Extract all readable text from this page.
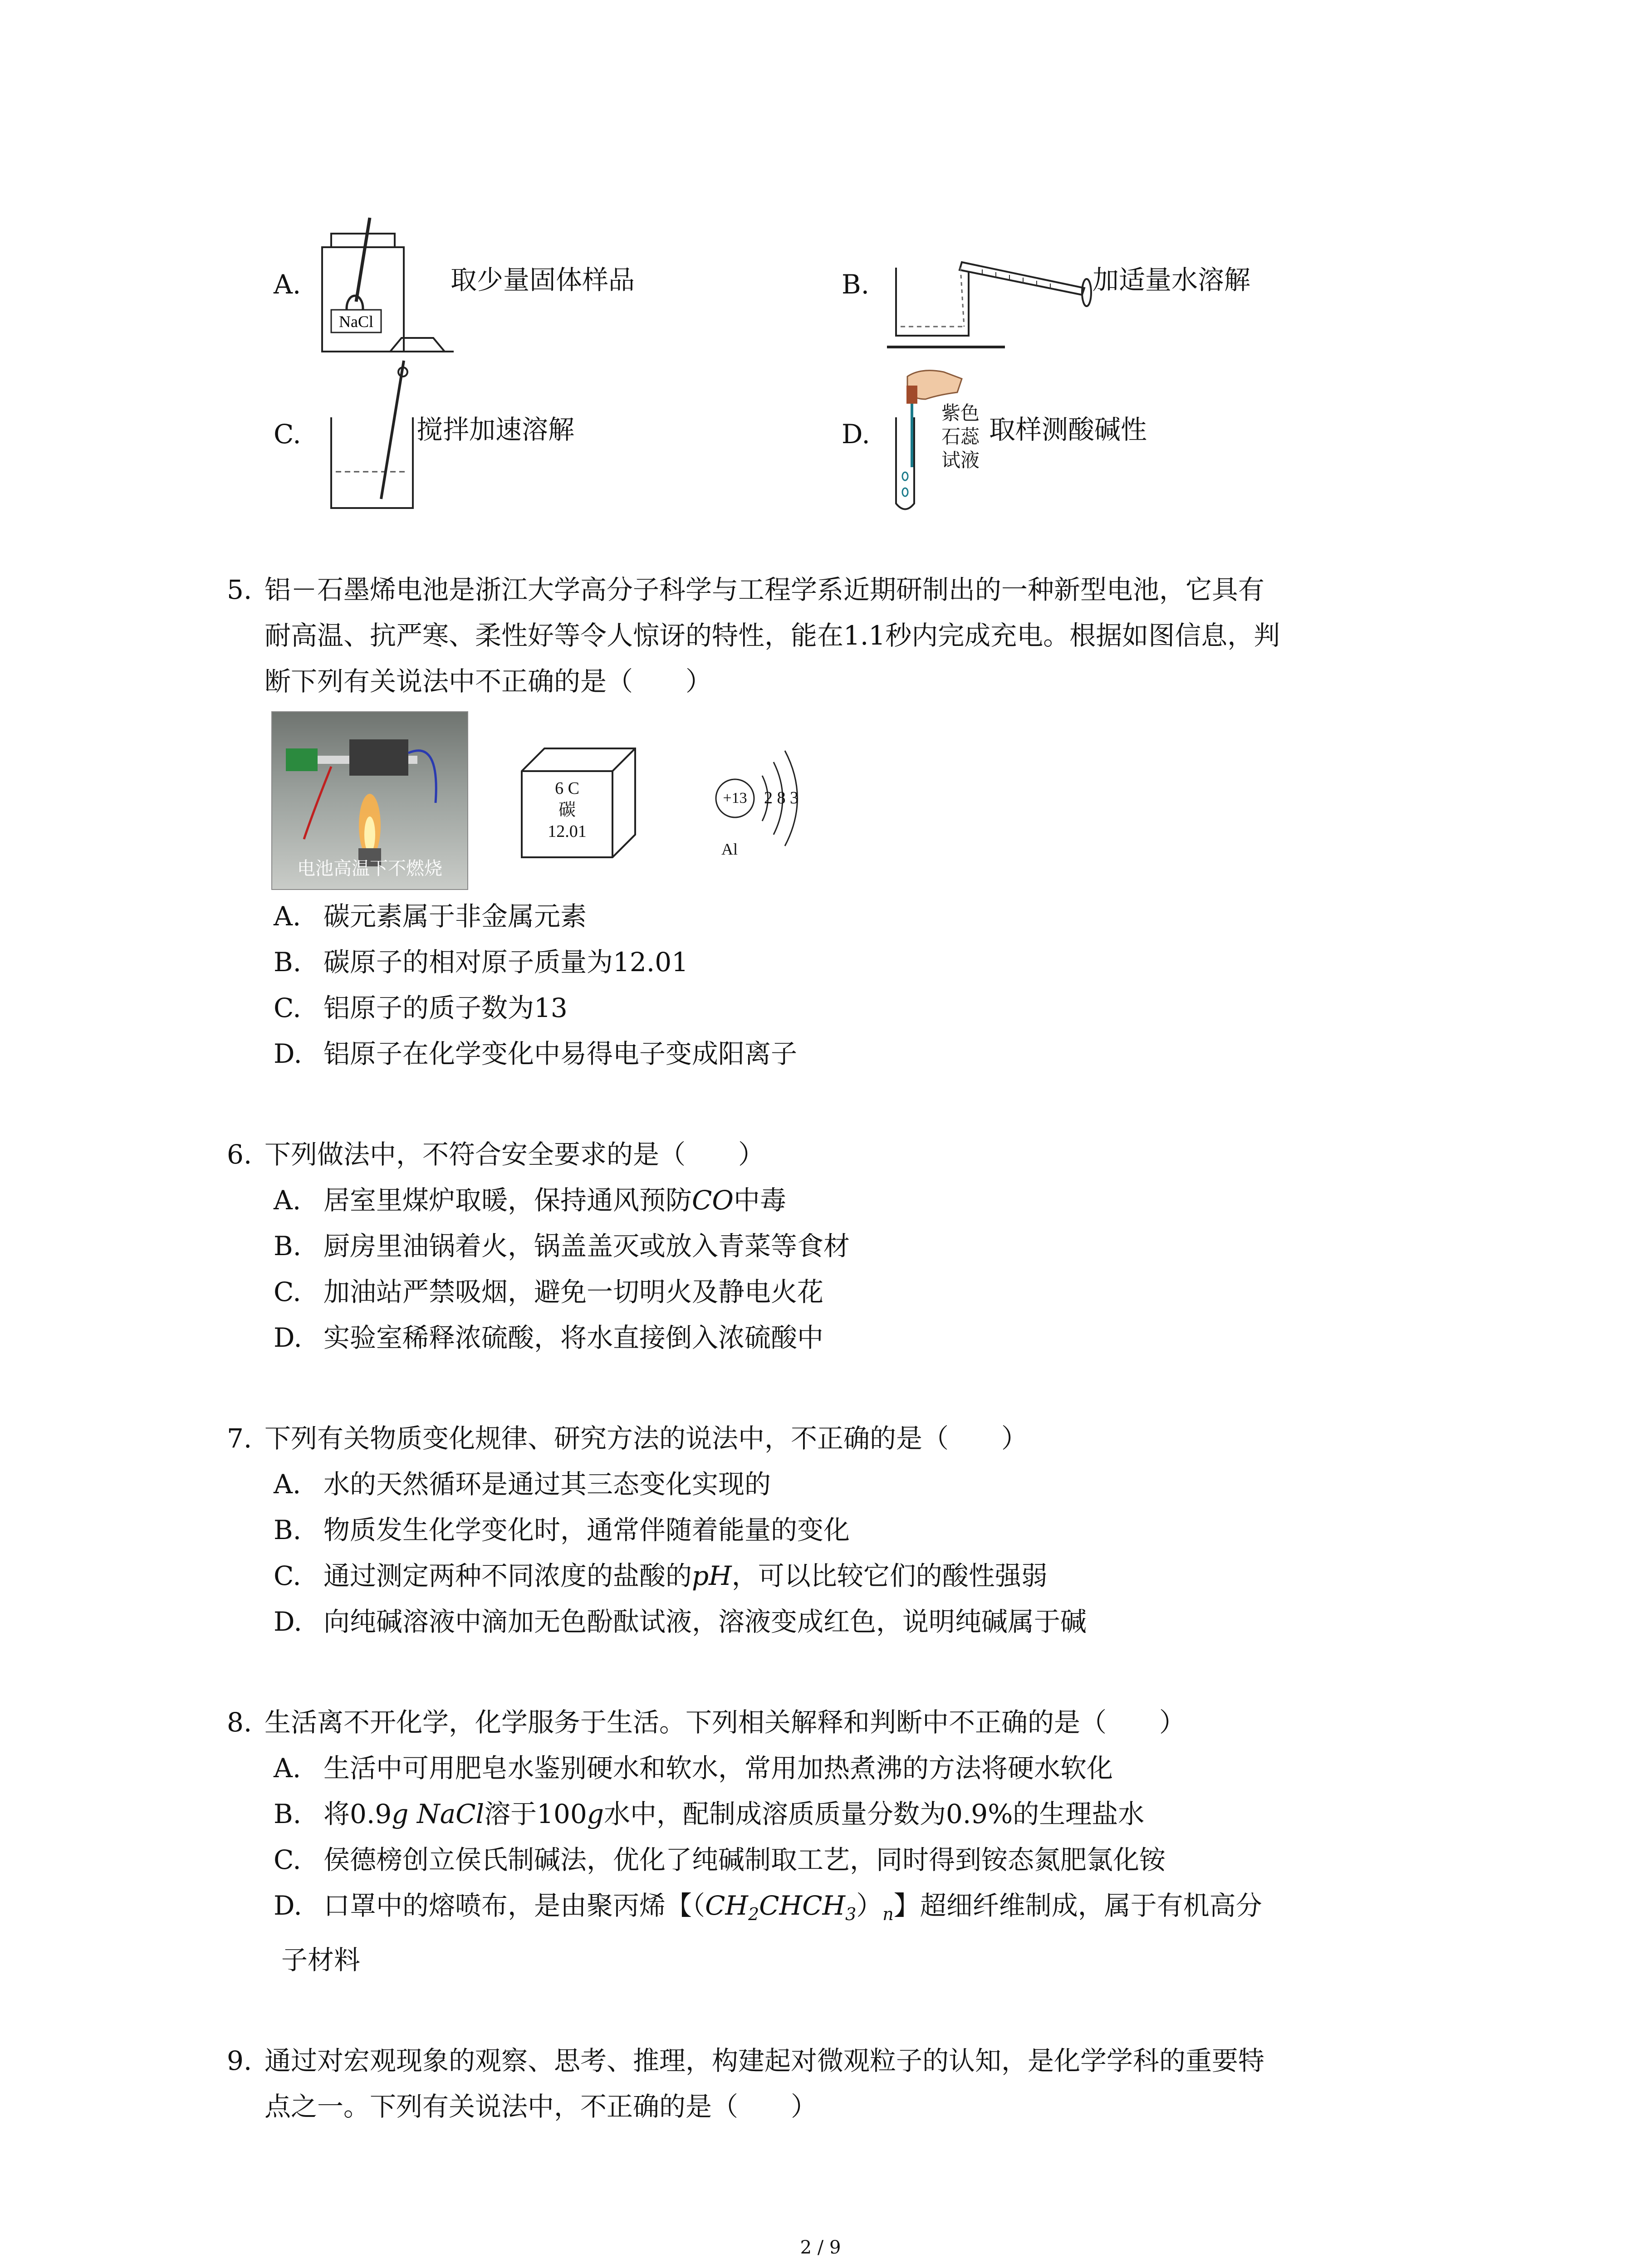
A.
NaCl
取少量固体样品	B.	加适量水溶解
C.	搅拌加速溶解	D.
紫色
石蕊
试液
取样测酸碱性
5. 铝－石墨烯电池是浙江大学高分子科学与工程学系近期研制出的一种新型电池，它具有
耐高温、抗严寒、柔性好等令人惊讶的特性，能在1.1秒内完成充电。根据如图信息，判
断下列有关说法中不正确的是（　　）
电池高温下不燃烧
6 C
碳
12.01
+13 2 8 3
Al
A. 碳元素属于非金属元素
B. 碳原子的相对原子质量为12.01
C. 铝原子的质子数为13
D. 铝原子在化学变化中易得电子变成阳离子
6. 下列做法中，不符合安全要求的是（　　）
A. 居室里煤炉取暖，保持通风预防CO中毒
B. 厨房里油锅着火，锅盖盖灭或放入青菜等食材
C. 加油站严禁吸烟，避免一切明火及静电火花
D. 实验室稀释浓硫酸，将水直接倒入浓硫酸中
7. 下列有关物质变化规律、研究方法的说法中，不正确的是（　　）
A. 水的天然循环是通过其三态变化实现的
B. 物质发生化学变化时，通常伴随着能量的变化
C. 通过测定两种不同浓度的盐酸的pH，可以比较它们的酸性强弱
D. 向纯碱溶液中滴加无色酚酞试液，溶液变成红色，说明纯碱属于碱
8. 生活离不开化学，化学服务于生活。下列相关解释和判断中不正确的是（　　）
A. 生活中可用肥皂水鉴别硬水和软水，常用加热煮沸的方法将硬水软化
B. 将0.9g NaCl溶于100g水中，配制成溶质质量分数为0.9%的生理盐水
C. 侯德榜创立侯氏制碱法，优化了纯碱制取工艺，同时得到铵态氮肥氯化铵
D. 口罩中的熔喷布，是由聚丙烯【$(CH_2CHCH_3)_n$】超细纤维制成，属于有机高分
子材料
9. 通过对宏观现象的观察、思考、推理，构建起对微观粒子的认知，是化学学科的重要特
点之一。下列有关说法中，不正确的是（　　）
2 / 9
